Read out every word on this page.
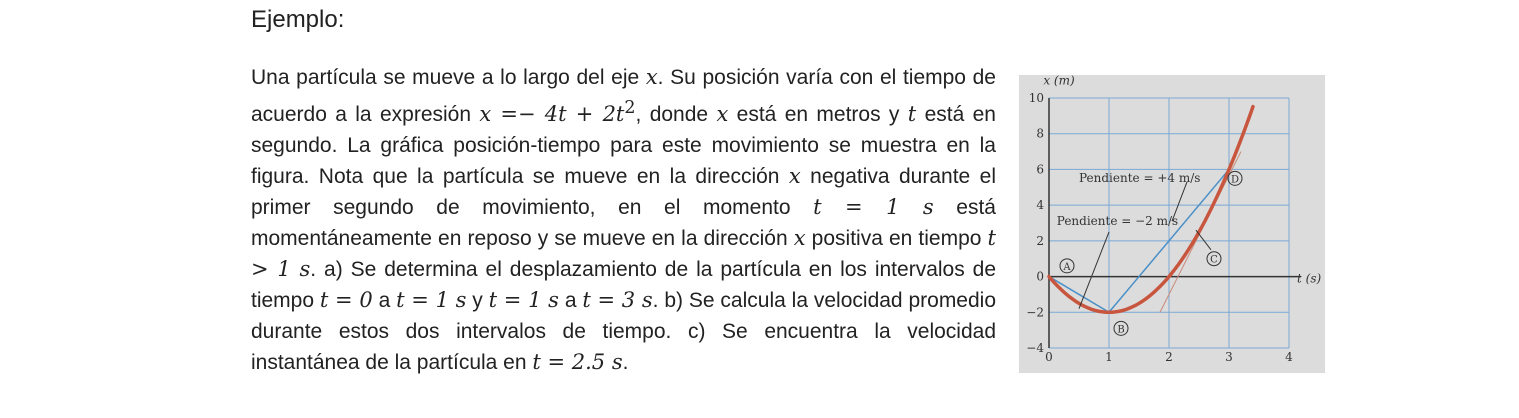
Ejemplo:

Una partícula se mueve a lo largo del eje x. Su posición varía con el tiempo de acuerdo a la expresión $x =- 4t + 2t^2$, donde x está en metros y t está en segundo. La gráfica posición-tiempo para este movimiento se muestra en la figura. Nota que la partícula se mueve en la dirección x negativa durante el primer segundo de movimiento, en el momento t = 1 s está momentáneamente en reposo y se mueve en la dirección x positiva en tiempo t > 1 s. a) Se determina el desplazamiento de la partícula en los intervalos de tiempo t = 0 a t = 1 s y t = 1 s a t = 3 s. b) Se calcula la velocidad promedio durante estos dos intervalos de tiempo. c) Se encuentra la velocidad instantánea de la partícula en t = 2.5 s.

10
8
6
4
2
0
−2
−4
0	1	2	3	4
x (m)
t (s)
Pendiente = +4 m/s
Pendiente = −2 m/s
A
B
C
D
